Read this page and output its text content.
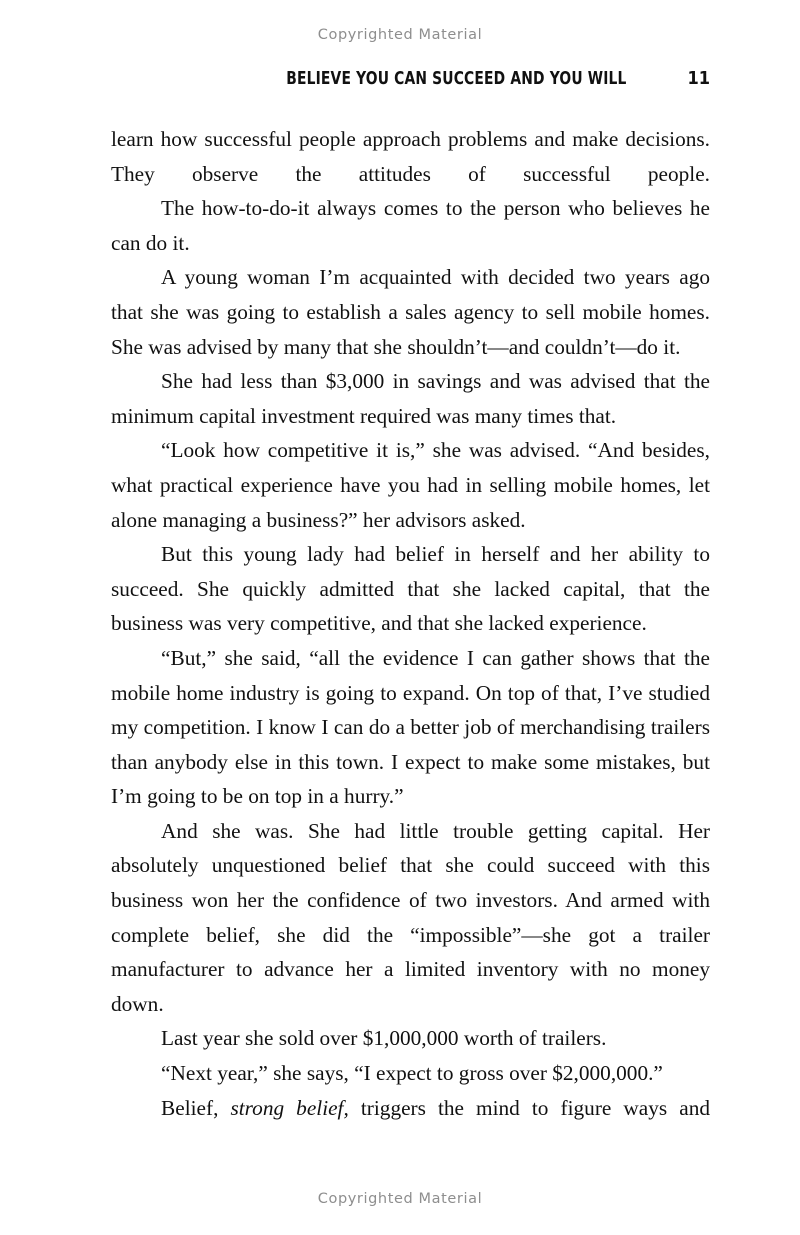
Copyrighted Material
BELIEVE YOU CAN SUCCEED AND YOU WILL	11

learn how successful people approach problems and make decisions. They observe the attitudes of successful people.

The how-to-do-it always comes to the person who believes he can do it.

A young woman I’m acquainted with decided two years ago that she was going to establish a sales agency to sell mobile homes. She was advised by many that she shouldn’t—and couldn’t—do it.

She had less than $3,000 in savings and was advised that the minimum capital investment required was many times that.

“Look how competitive it is,” she was advised. “And besides, what practical experience have you had in selling mobile homes, let alone managing a business?” her advisors asked.

But this young lady had belief in herself and her ability to succeed. She quickly admitted that she lacked capital, that the business was very competitive, and that she lacked experience.

“But,” she said, “all the evidence I can gather shows that the mobile home industry is going to expand. On top of that, I’ve studied my competition. I know I can do a better job of merchandising trailers than anybody else in this town. I expect to make some mistakes, but I’m going to be on top in a hurry.”

And she was. She had little trouble getting capital. Her absolutely unquestioned belief that she could succeed with this business won her the confidence of two investors. And armed with complete belief, she did the “impossible”—she got a trailer manufacturer to advance her a limited inventory with no money down.

Last year she sold over $1,000,000 worth of trailers.

“Next year,” she says, “I expect to gross over $2,000,000.”

Belief, strong belief, triggers the mind to figure ways and

Copyrighted Material
